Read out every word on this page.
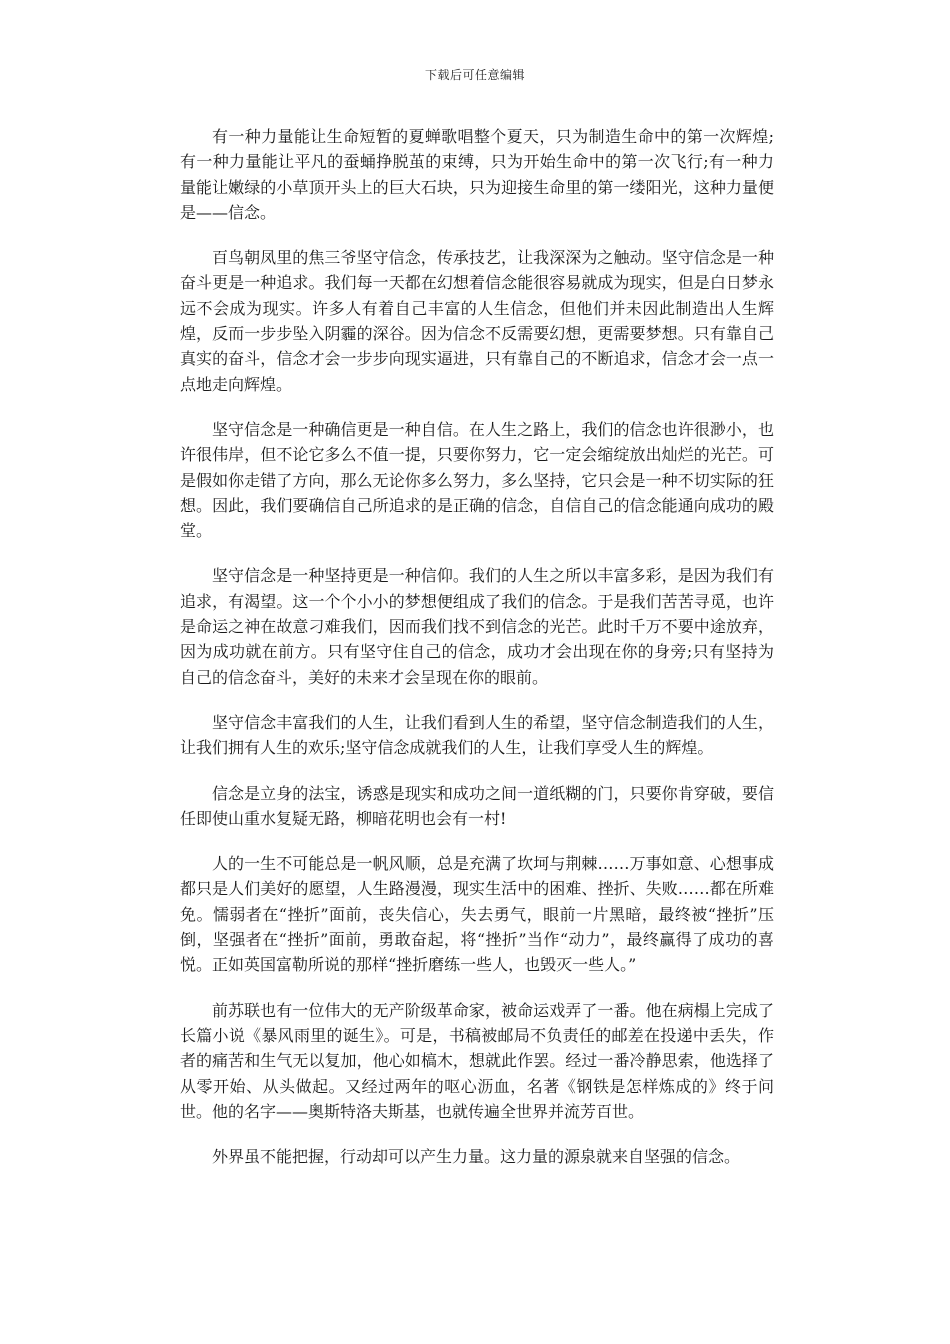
下载后可任意编辑

有一种力量能让生命短暂的夏蝉歌唱整个夏天，只为制造生命中的第一次辉煌;有一种力量能让平凡的蚕蛹挣脱茧的束缚，只为开始生命中的第一次飞行;有一种力量能让嫩绿的小草顶开头上的巨大石块，只为迎接生命里的第一缕阳光，这种力量便是——信念。

百鸟朝凤里的焦三爷坚守信念，传承技艺，让我深深为之触动。坚守信念是一种奋斗更是一种追求。我们每一天都在幻想着信念能很容易就成为现实，但是白日梦永远不会成为现实。许多人有着自己丰富的人生信念，但他们并未因此制造出人生辉煌，反而一步步坠入阴霾的深谷。因为信念不反需要幻想，更需要梦想。只有靠自己真实的奋斗，信念才会一步步向现实逼进，只有靠自己的不断追求，信念才会一点一点地走向辉煌。

坚守信念是一种确信更是一种自信。在人生之路上，我们的信念也许很渺小，也许很伟岸，但不论它多么不值一提，只要你努力，它一定会缩绽放出灿烂的光芒。可是假如你走错了方向，那么无论你多么努力，多么坚持，它只会是一种不切实际的狂想。因此，我们要确信自己所追求的是正确的信念，自信自己的信念能通向成功的殿堂。

坚守信念是一种坚持更是一种信仰。我们的人生之所以丰富多彩，是因为我们有追求，有渴望。这一个个小小的梦想便组成了我们的信念。于是我们苦苦寻觅，也许是命运之神在故意刁难我们，因而我们找不到信念的光芒。此时千万不要中途放弃，因为成功就在前方。只有坚守住自己的信念，成功才会出现在你的身旁;只有坚持为自己的信念奋斗，美好的未来才会呈现在你的眼前。

坚守信念丰富我们的人生，让我们看到人生的希望，坚守信念制造我们的人生，让我们拥有人生的欢乐;坚守信念成就我们的人生，让我们享受人生的辉煌。

信念是立身的法宝，诱惑是现实和成功之间一道纸糊的门，只要你肯穿破，要信任即使山重水复疑无路，柳暗花明也会有一村!

人的一生不可能总是一帆风顺，总是充满了坎坷与荆棘……万事如意、心想事成都只是人们美好的愿望，人生路漫漫，现实生活中的困难、挫折、失败……都在所难免。懦弱者在“挫折”面前，丧失信心，失去勇气，眼前一片黑暗，最终被“挫折”压倒，坚强者在“挫折”面前，勇敢奋起，将“挫折”当作“动力”，最终赢得了成功的喜悦。正如英国富勒所说的那样“挫折磨练一些人，也毁灭一些人。”

前苏联也有一位伟大的无产阶级革命家，被命运戏弄了一番。他在病榻上完成了长篇小说《暴风雨里的诞生》。可是，书稿被邮局不负责任的邮差在投递中丢失，作者的痛苦和生气无以复加，他心如槁木，想就此作罢。经过一番冷静思索，他选择了从零开始、从头做起。又经过两年的呕心沥血，名著《钢铁是怎样炼成的》终于问世。他的名字——奥斯特洛夫斯基，也就传遍全世界并流芳百世。

外界虽不能把握，行动却可以产生力量。这力量的源泉就来自坚强的信念。
